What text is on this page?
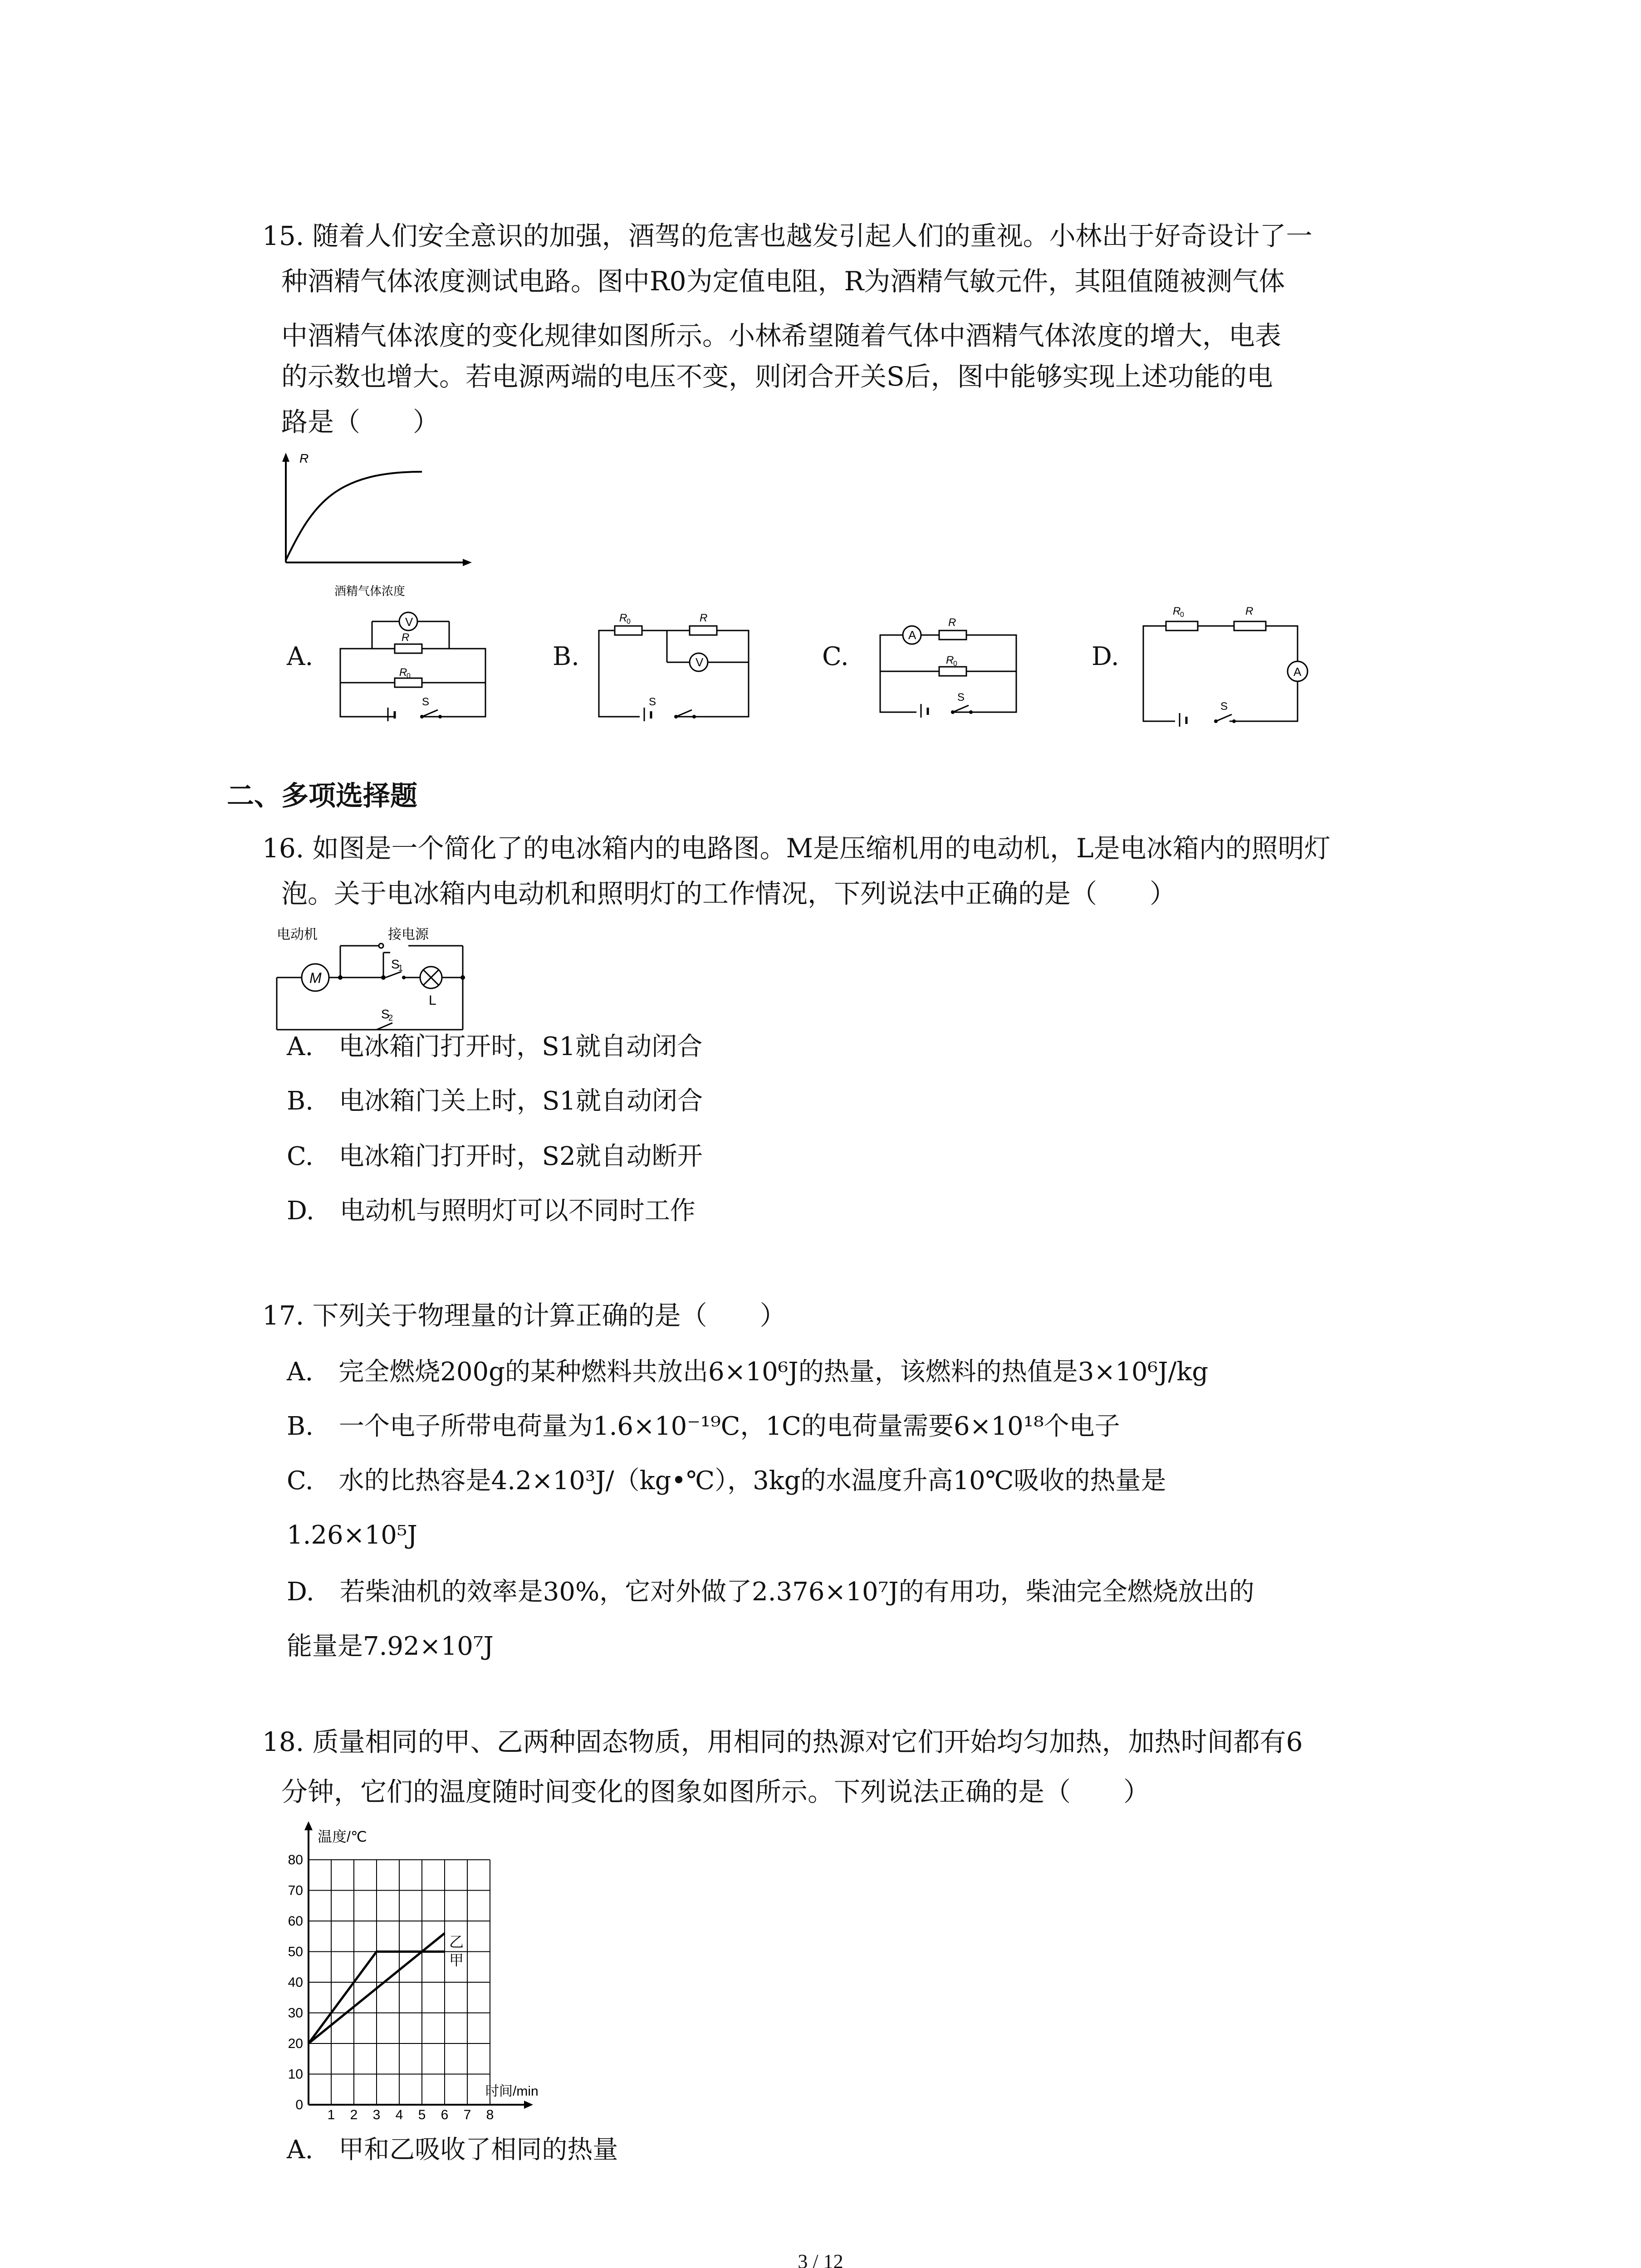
15. 随着人们安全意识的加强，酒驾的危害也越发引起人们的重视。小林出于好奇设计了一
种酒精气体浓度测试电路。图中R0为定值电阻，R为酒精气敏元件，其阻值随被测气体
中酒精气体浓度的变化规律如图所示。小林希望随着气体中酒精气体浓度的增大，电表
的示数也增大。若电源两端的电压不变，则闭合开关S后，图中能够实现上述功能的电
路是（　　）
R
酒精气体浓度
A.	B.	C.	D.
V
R
R
0
S
V
R
0	R
S
A
R
R
0
S
A
R
0	R
S
二、多项选择题
16. 如图是一个简化了的电冰箱内的电路图。M是压缩机用的电动机，L是电冰箱内的照明灯
泡。关于电冰箱内电动机和照明灯的工作情况，下列说法中正确的是（　　）
电动机	接电源
M
S
1
L
S
2
A.　 电冰箱门打开时，S1就自动闭合
B.　 电冰箱门关上时，S1就自动闭合
C.　 电冰箱门打开时，S2就自动断开
D.　 电动机与照明灯可以不同时工作
17. 下列关于物理量的计算正确的是（　　）
A.　 完全燃烧200g的某种燃料共放出6×10⁶J的热量，该燃料的热值是3×10⁶J/kg
B.　 一个电子所带电荷量为1.6×10⁻¹⁹C，1C的电荷量需要6×10¹⁸个电子
C.　 水的比热容是4.2×10³J/（kg•℃），3kg的水温度升高10℃吸收的热量是
1.26×10⁵J
D.　 若柴油机的效率是30%，它对外做了2.376×10⁷J的有用功，柴油完全燃烧放出的
能量是7.92×10⁷J
18. 质量相同的甲、乙两种固态物质，用相同的热源对它们开始均匀加热，加热时间都有6
分钟，它们的温度随时间变化的图象如图所示。下列说法正确的是（　　）
0
10
20
30
40
50
60
70
80
1 2 3 4 5 6 7 8
乙
甲
温度/℃
时间/min
A.　 甲和乙吸收了相同的热量
3 / 12
